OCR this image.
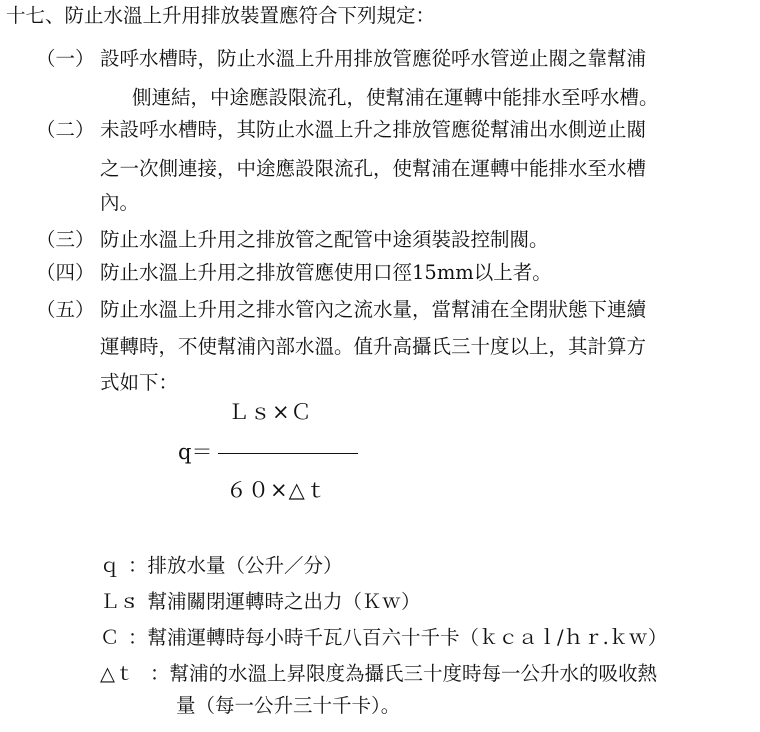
十七、防止水溫上升用排放裝置應符合下列規定：
（一） 設呼水槽時，防止水溫上升用排放管應從呼水管逆止閥之靠幫浦
側連結，中途應設限流孔，使幫浦在運轉中能排水至呼水槽。
（二） 未設呼水槽時，其防止水溫上升之排放管應從幫浦出水側逆止閥
之一次側連接，中途應設限流孔，使幫浦在運轉中能排水至水槽
內。
（三） 防止水溫上升用之排放管之配管中途須裝設控制閥。
（四） 防止水溫上升用之排放管應使用口徑15mm以上者。
（五） 防止水溫上升用之排水管內之流水量，當幫浦在全閉狀態下連續
運轉時，不使幫浦內部水溫。值升高攝氏三十度以上，其計算方
式如下：
Ｌｓ×Ｃ
q＝
６０×△ｔ
ｑ ：排放水量（公升／分）
Ｌｓ
：幫浦關閉運轉時之出力（Ｋｗ）
Ｃ ：幫浦運轉時每小時千瓦八百六十千卡（ｋｃａｌ/ｈｒ.ｋｗ）
△ｔ ：幫浦的水溫上昇限度為攝氏三十度時每一公升水的吸收熱
量（每一公升三十千卡）。
